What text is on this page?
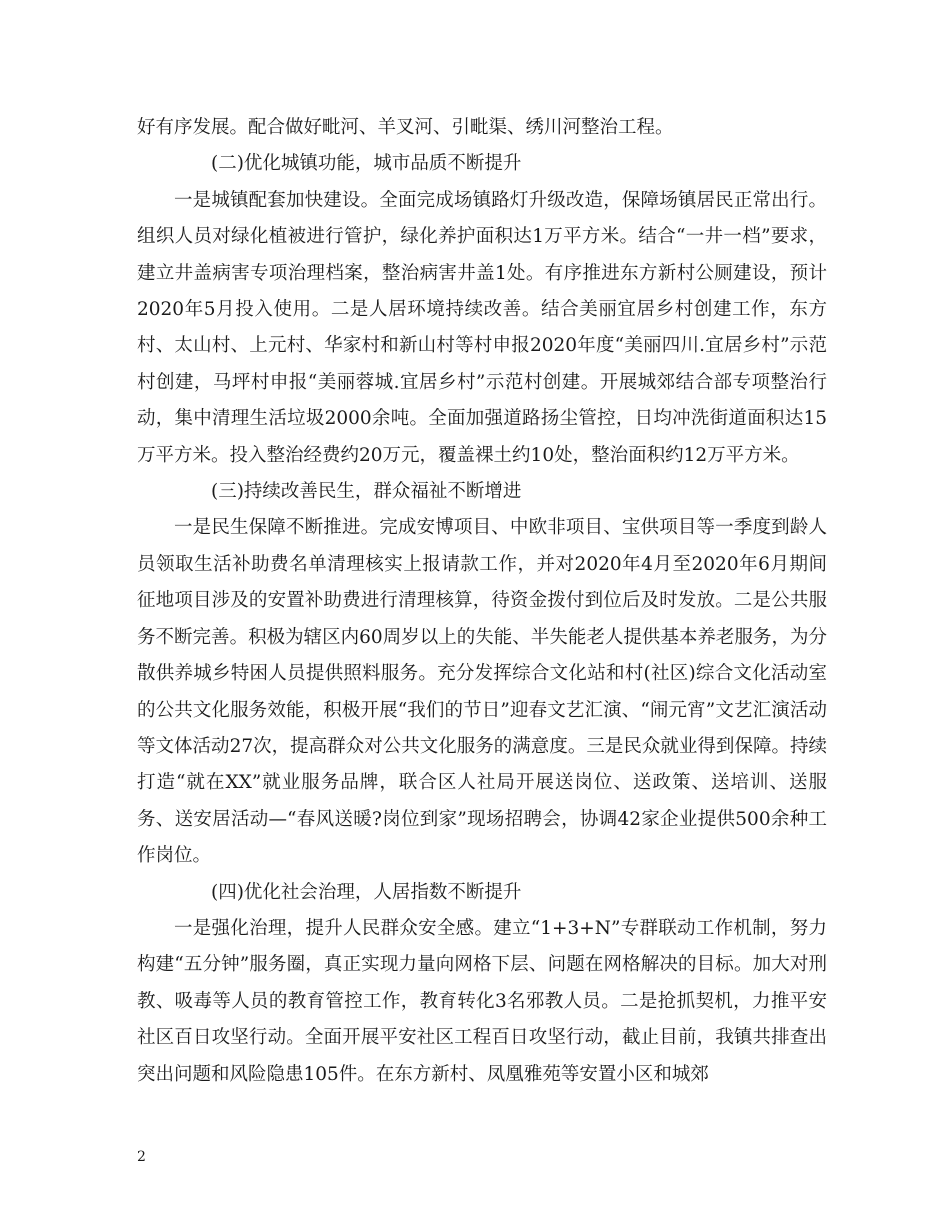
好有序发展。配合做好毗河、羊叉河、引毗渠、绣川河整治工程。

(二)优化城镇功能，城市品质不断提升

一是城镇配套加快建设。全面完成场镇路灯升级改造，保障场镇居民正常出行。组织人员对绿化植被进行管护，绿化养护面积达1万平方米。结合“一井一档”要求，建立井盖病害专项治理档案，整治病害井盖1处。有序推进东方新村公厕建设，预计2020年5月投入使用。二是人居环境持续改善。结合美丽宜居乡村创建工作，东方村、太山村、上元村、华家村和新山村等村申报2020年度“美丽四川.宜居乡村”示范村创建，马坪村申报“美丽蓉城.宜居乡村”示范村创建。开展城郊结合部专项整治行动，集中清理生活垃圾2000余吨。全面加强道路扬尘管控，日均冲洗街道面积达15万平方米。投入整治经费约20万元，覆盖裸土约10处，整治面积约12万平方米。

(三)持续改善民生，群众福祉不断增进

一是民生保障不断推进。完成安博项目、中欧非项目、宝供项目等一季度到龄人员领取生活补助费名单清理核实上报请款工作，并对2020年4月至2020年6月期间征地项目涉及的安置补助费进行清理核算，待资金拨付到位后及时发放。二是公共服务不断完善。积极为辖区内60周岁以上的失能、半失能老人提供基本养老服务，为分散供养城乡特困人员提供照料服务。充分发挥综合文化站和村(社区)综合文化活动室的公共文化服务效能，积极开展“我们的节日”迎春文艺汇演、“闹元宵”文艺汇演活动等文体活动27次，提高群众对公共文化服务的满意度。三是民众就业得到保障。持续打造“就在XX”就业服务品牌，联合区人社局开展送岗位、送政策、送培训、送服务、送安居活动—“春风送暖?岗位到家”现场招聘会，协调42家企业提供500余种工作岗位。

(四)优化社会治理，人居指数不断提升

一是强化治理，提升人民群众安全感。建立“1+3+N”专群联动工作机制，努力构建“五分钟”服务圈，真正实现力量向网格下层、问题在网格解决的目标。加大对刑教、吸毒等人员的教育管控工作，教育转化3名邪教人员。二是抢抓契机，力推平安社区百日攻坚行动。全面开展平安社区工程百日攻坚行动，截止目前，我镇共排查出突出问题和风险隐患105件。在东方新村、凤凰雅苑等安置小区和城郊

2
